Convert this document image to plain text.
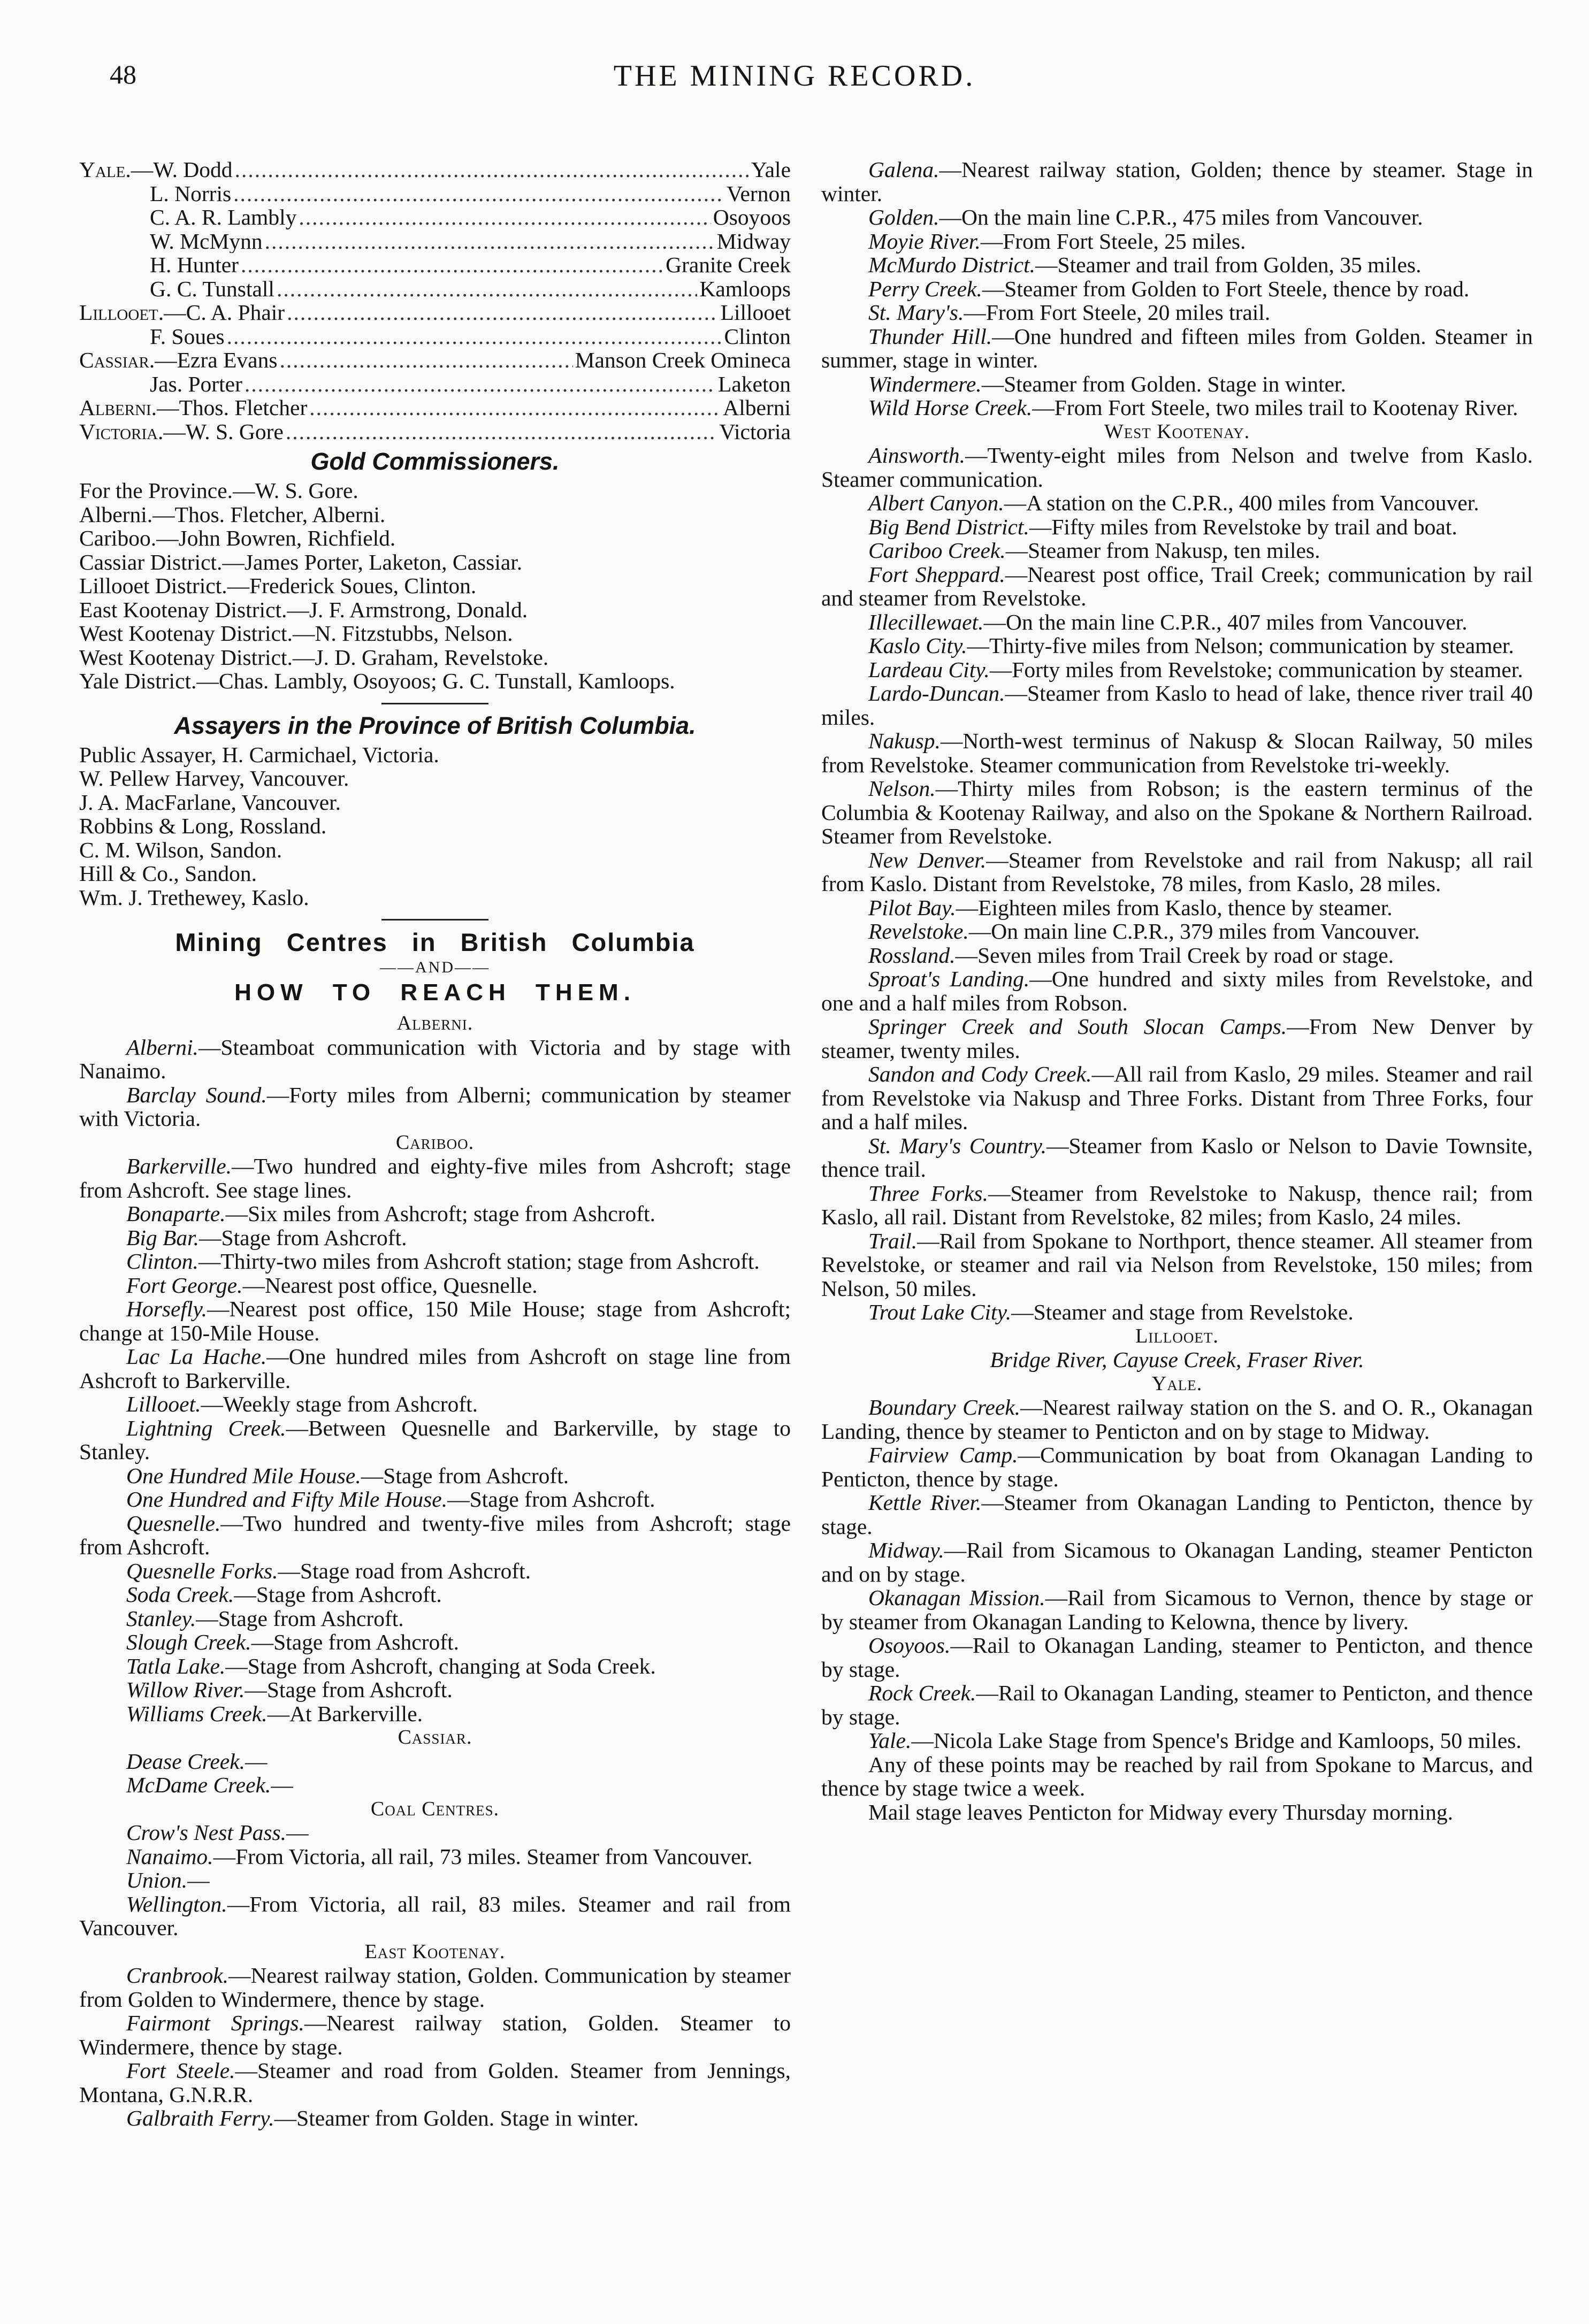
48	THE MINING RECORD.
Yale. —W. Dodd .....	Yale
L. Norris .....	Vernon
C. A. R. Lambly .....	Osoyoos
W. McMynn .....	Midway
H. Hunter .....	Granite Creek
G. C. Tunstall .....	Kamloops
Lillooet. —C. A. Phair .....	Lillooet
F. Soues .....	Clinton
Cassiar. —Ezra Evans .....	Manson Creek Omineca
Jas. Porter .....	Laketon
Alberni. —Thos. Fletcher .....	Alberni
Victoria. —W. S. Gore .....	Victoria
Gold Commissioners.

For the Province.—W. S. Gore.

Alberni.—Thos. Fletcher, Alberni.

Cariboo.—John Bowren, Richfield.

Cassiar District.—James Porter, Laketon, Cassiar.

Lillooet District.—Frederick Soues, Clinton.

East Kootenay District.—J. F. Armstrong, Donald.

West Kootenay District.—N. Fitzstubbs, Nelson.

West Kootenay District.—J. D. Graham, Revelstoke.

Yale District.—Chas. Lambly, Osoyoos; G. C. Tunstall, Kamloops.

Assayers in the Province of British Columbia.

Public Assayer, H. Carmichael, Victoria.

W. Pellew Harvey, Vancouver.

J. A. MacFarlane, Vancouver.

Robbins & Long, Rossland.

C. M. Wilson, Sandon.

Hill & Co., Sandon.

Wm. J. Trethewey, Kaslo.

Mining Centres in British Columbia
——AND——
HOW TO REACH THEM.

Alberni.

Alberni.—Steamboat communication with Victoria and by stage with Nanaimo.

Barclay Sound.—Forty miles from Alberni; communication by steamer with Victoria.

Cariboo.

Barkerville.—Two hundred and eighty-five miles from Ashcroft; stage from Ashcroft. See stage lines.

Bonaparte.—Six miles from Ashcroft; stage from Ashcroft.

Big Bar.—Stage from Ashcroft.

Clinton.—Thirty-two miles from Ashcroft station; stage from Ashcroft.

Fort George.—Nearest post office, Quesnelle.

Horsefly.—Nearest post office, 150 Mile House; stage from Ashcroft; change at 150-Mile House.

Lac La Hache.—One hundred miles from Ashcroft on stage line from Ashcroft to Barkerville.

Lillooet.—Weekly stage from Ashcroft.

Lightning Creek.—Between Quesnelle and Barkerville, by stage to Stanley.

One Hundred Mile House.—Stage from Ashcroft.

One Hundred and Fifty Mile House.—Stage from Ashcroft.

Quesnelle.—Two hundred and twenty-five miles from Ashcroft; stage from Ashcroft.

Quesnelle Forks.—Stage road from Ashcroft.

Soda Creek.—Stage from Ashcroft.

Stanley.—Stage from Ashcroft.

Slough Creek.—Stage from Ashcroft.

Tatla Lake.—Stage from Ashcroft, changing at Soda Creek.

Willow River.—Stage from Ashcroft.

Williams Creek.—At Barkerville.

Cassiar.

Dease Creek.—

McDame Creek.—

Coal Centres.

Crow's Nest Pass.—

Nanaimo.—From Victoria, all rail, 73 miles. Steamer from Vancouver.

Union.—

Wellington.—From Victoria, all rail, 83 miles. Steamer and rail from Vancouver.

East Kootenay.

Cranbrook.—Nearest railway station, Golden. Communication by steamer from Golden to Windermere, thence by stage.

Fairmont Springs.—Nearest railway station, Golden. Steamer to Windermere, thence by stage.

Fort Steele.—Steamer and road from Golden. Steamer from Jennings, Montana, G.N.R.R.

Galbraith Ferry.—Steamer from Golden. Stage in winter.

Galena.—Nearest railway station, Golden; thence by steamer. Stage in winter.

Golden.—On the main line C.P.R., 475 miles from Vancouver.

Moyie River.—From Fort Steele, 25 miles.

McMurdo District.—Steamer and trail from Golden, 35 miles.

Perry Creek.—Steamer from Golden to Fort Steele, thence by road.

St. Mary's.—From Fort Steele, 20 miles trail.

Thunder Hill.—One hundred and fifteen miles from Golden. Steamer in summer, stage in winter.

Windermere.—Steamer from Golden. Stage in winter.

Wild Horse Creek.—From Fort Steele, two miles trail to Kootenay River.

West Kootenay.

Ainsworth.—Twenty-eight miles from Nelson and twelve from Kaslo. Steamer communication.

Albert Canyon.—A station on the C.P.R., 400 miles from Vancouver.

Big Bend District.—Fifty miles from Revelstoke by trail and boat.

Cariboo Creek.—Steamer from Nakusp, ten miles.

Fort Sheppard.—Nearest post office, Trail Creek; communication by rail and steamer from Revelstoke.

Illecillewaet.—On the main line C.P.R., 407 miles from Vancouver.

Kaslo City.—Thirty-five miles from Nelson; communication by steamer.

Lardeau City.—Forty miles from Revelstoke; communication by steamer.

Lardo-Duncan.—Steamer from Kaslo to head of lake, thence river trail 40 miles.

Nakusp.—North-west terminus of Nakusp & Slocan Railway, 50 miles from Revelstoke. Steamer communication from Revelstoke tri-weekly.

Nelson.—Thirty miles from Robson; is the eastern terminus of the Columbia & Kootenay Railway, and also on the Spokane & Northern Railroad. Steamer from Revelstoke.

New Denver.—Steamer from Revelstoke and rail from Nakusp; all rail from Kaslo. Distant from Revelstoke, 78 miles, from Kaslo, 28 miles.

Pilot Bay.—Eighteen miles from Kaslo, thence by steamer.

Revelstoke.—On main line C.P.R., 379 miles from Vancouver.

Rossland.—Seven miles from Trail Creek by road or stage.

Sproat's Landing.—One hundred and sixty miles from Revelstoke, and one and a half miles from Robson.

Springer Creek and South Slocan Camps.—From New Denver by steamer, twenty miles.

Sandon and Cody Creek.—All rail from Kaslo, 29 miles. Steamer and rail from Revelstoke via Nakusp and Three Forks. Distant from Three Forks, four and a half miles.

St. Mary's Country.—Steamer from Kaslo or Nelson to Davie Townsite, thence trail.

Three Forks.—Steamer from Revelstoke to Nakusp, thence rail; from Kaslo, all rail. Distant from Revelstoke, 82 miles; from Kaslo, 24 miles.

Trail.—Rail from Spokane to Northport, thence steamer. All steamer from Revelstoke, or steamer and rail via Nelson from Revelstoke, 150 miles; from Nelson, 50 miles.

Trout Lake City.—Steamer and stage from Revelstoke.

Lillooet.

Bridge River, Cayuse Creek, Fraser River.

Yale.

Boundary Creek.—Nearest railway station on the S. and O. R., Okanagan Landing, thence by steamer to Penticton and on by stage to Midway.

Fairview Camp.—Communication by boat from Okanagan Landing to Penticton, thence by stage.

Kettle River.—Steamer from Okanagan Landing to Penticton, thence by stage.

Midway.—Rail from Sicamous to Okanagan Landing, steamer Penticton and on by stage.

Okanagan Mission.—Rail from Sicamous to Vernon, thence by stage or by steamer from Okanagan Landing to Kelowna, thence by livery.

Osoyoos.—Rail to Okanagan Landing, steamer to Penticton, and thence by stage.

Rock Creek.—Rail to Okanagan Landing, steamer to Penticton, and thence by stage.

Yale.—Nicola Lake Stage from Spence's Bridge and Kamloops, 50 miles.

Any of these points may be reached by rail from Spokane to Marcus, and thence by stage twice a week.

Mail stage leaves Penticton for Midway every Thursday morning.
